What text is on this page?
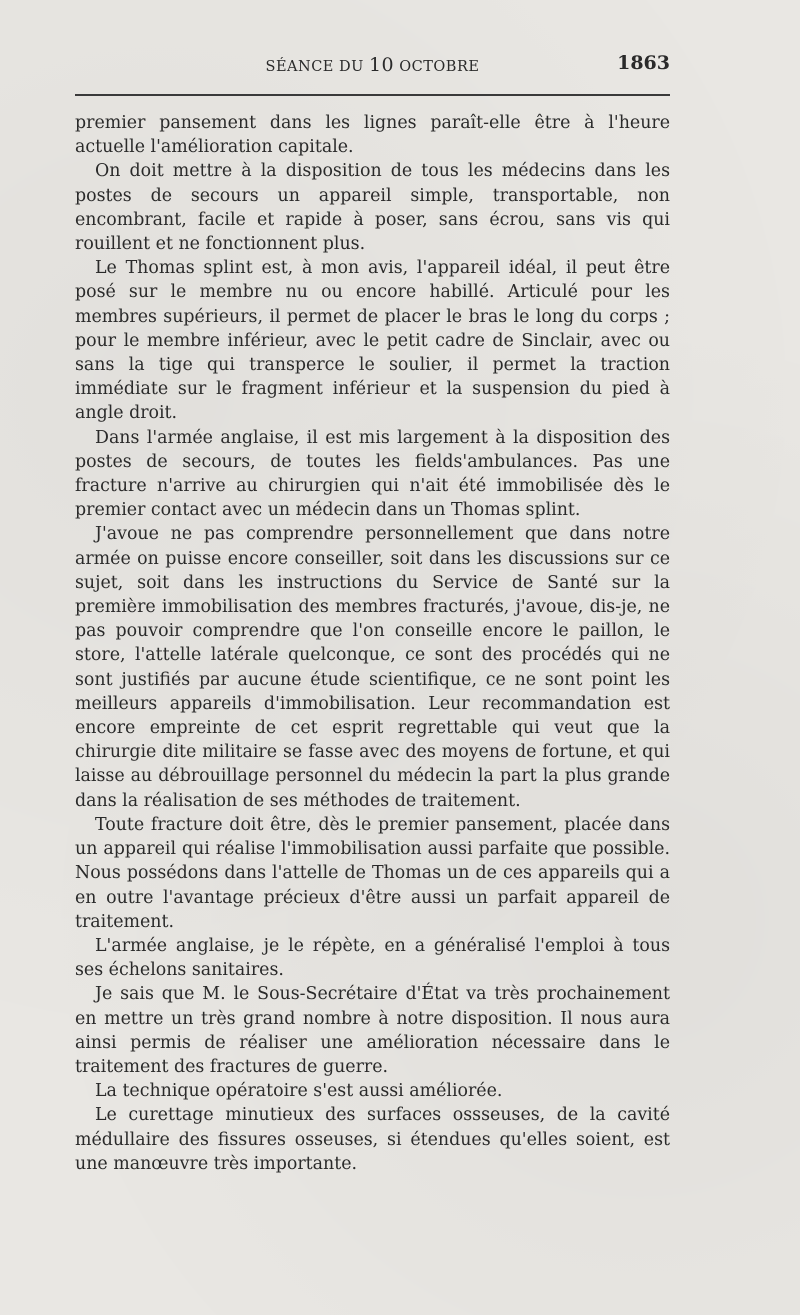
SÉANCE DU 10 OCTOBRE	1863

premier pansement dans les lignes paraît-elle être à l'heure actuelle l'amélioration capitale.

On doit mettre à la disposition de tous les médecins dans les postes de secours un appareil simple, transportable, non encombrant, facile et rapide à poser, sans écrou, sans vis qui rouillent et ne fonctionnent plus.

Le Thomas splint est, à mon avis, l'appareil idéal, il peut être posé sur le membre nu ou encore habillé. Articulé pour les membres supérieurs, il permet de placer le bras le long du corps ; pour le membre inférieur, avec le petit cadre de Sinclair, avec ou sans la tige qui transperce le soulier, il permet la traction immédiate sur le fragment inférieur et la suspension du pied à angle droit.

Dans l'armée anglaise, il est mis largement à la disposition des postes de secours, de toutes les fields'ambulances. Pas une fracture n'arrive au chirurgien qui n'ait été immobilisée dès le premier contact avec un médecin dans un Thomas splint.

J'avoue ne pas comprendre personnellement que dans notre armée on puisse encore conseiller, soit dans les discussions sur ce sujet, soit dans les instructions du Service de Santé sur la première immobilisation des membres fracturés, j'avoue, dis-je, ne pas pouvoir comprendre que l'on conseille encore le paillon, le store, l'attelle latérale quelconque, ce sont des procédés qui ne sont justifiés par aucune étude scientifique, ce ne sont point les meilleurs appareils d'immobilisation. Leur recommandation est encore empreinte de cet esprit regrettable qui veut que la chirurgie dite militaire se fasse avec des moyens de fortune, et qui laisse au débrouillage personnel du médecin la part la plus grande dans la réalisation de ses méthodes de traitement.

Toute fracture doit être, dès le premier pansement, placée dans un appareil qui réalise l'immobilisation aussi parfaite que possible. Nous possédons dans l'attelle de Thomas un de ces appareils qui a en outre l'avantage précieux d'être aussi un parfait appareil de traitement.

L'armée anglaise, je le répète, en a généralisé l'emploi à tous ses échelons sanitaires.

Je sais que M. le Sous-Secrétaire d'État va très prochainement en mettre un très grand nombre à notre disposition. Il nous aura ainsi permis de réaliser une amélioration nécessaire dans le traitement des fractures de guerre.

La technique opératoire s'est aussi améliorée.

Le curettage minutieux des surfaces ossseuses, de la cavité médullaire des fissures osseuses, si étendues qu'elles soient, est une manœuvre très importante.
